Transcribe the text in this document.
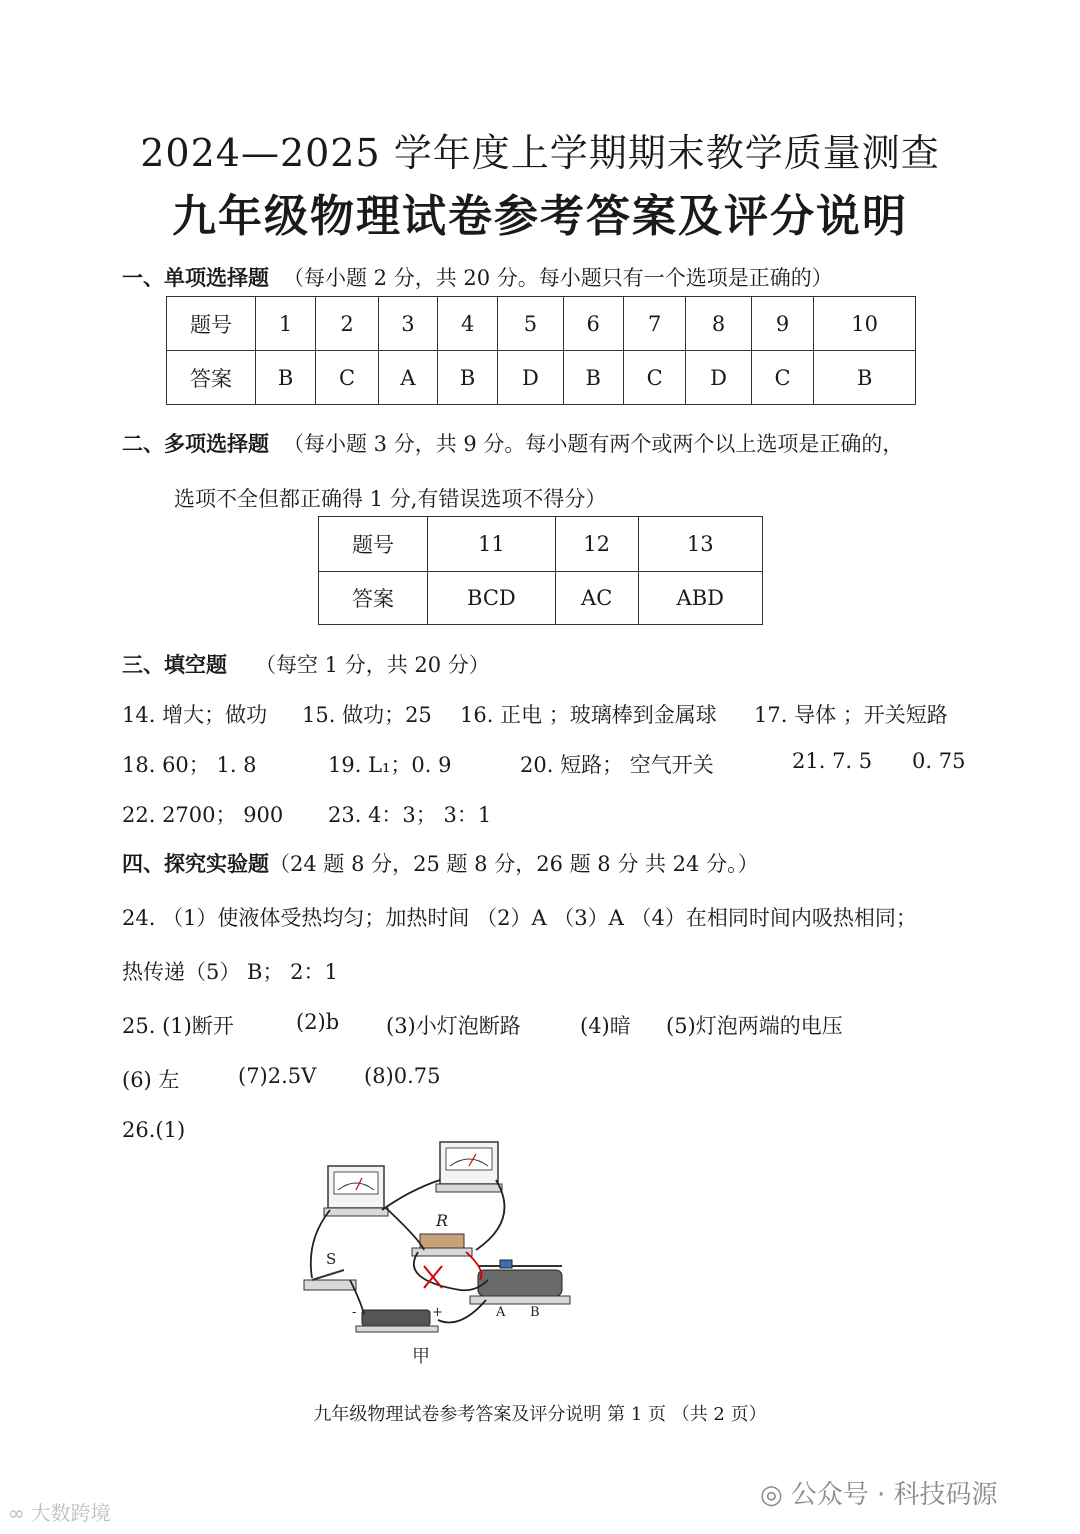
2024—2025 学年度上学期期末教学质量测查
九年级物理试卷参考答案及评分说明
一、单项选择题 （每小题 2 分，共 20 分。每小题只有一个选项是正确的）
题号	1	2	3	4	5	6	7	8	9	10
答案	B	C	A	B	D	B	C	D	C	B
二、多项选择题 （每小题 3 分，共 9 分。每小题有两个或两个以上选项是正确的，
选项不全但都正确得 1 分,有错误选项不得分）
题号	11	12	13
答案	BCD	AC	ABD
三、填空题 （每空 1 分，共 20 分）
14. 增大；做功 15. 做功；25 16. 正电 ；玻璃棒到金属球 17. 导体 ；开关短路
18. 60； 1. 8	19. L₁；0. 9	20. 短路； 空气开关	21. 7. 5 0. 75
22. 2700； 900 23. 4：3； 3：1
四、探究实验题（24 题 8 分，25 题 8 分，26 题 8 分 共 24 分。）
24. （1）使液体受热均匀；加热时间 （2）A （3）A （4）在相同时间内吸热相同；
热传递（5） B； 2：1
25. (1)断开	(2)b (3)小灯泡断路	(4)暗 (5)灯泡两端的电压
(6) 左	(7)2.5V (8)0.75
26.(1)
R
S
-	+	A B
甲
九年级物理试卷参考答案及评分说明 第 1 页 （共 2 页）
∞ 大数跨境
◎ 公众号 · 科技码源
